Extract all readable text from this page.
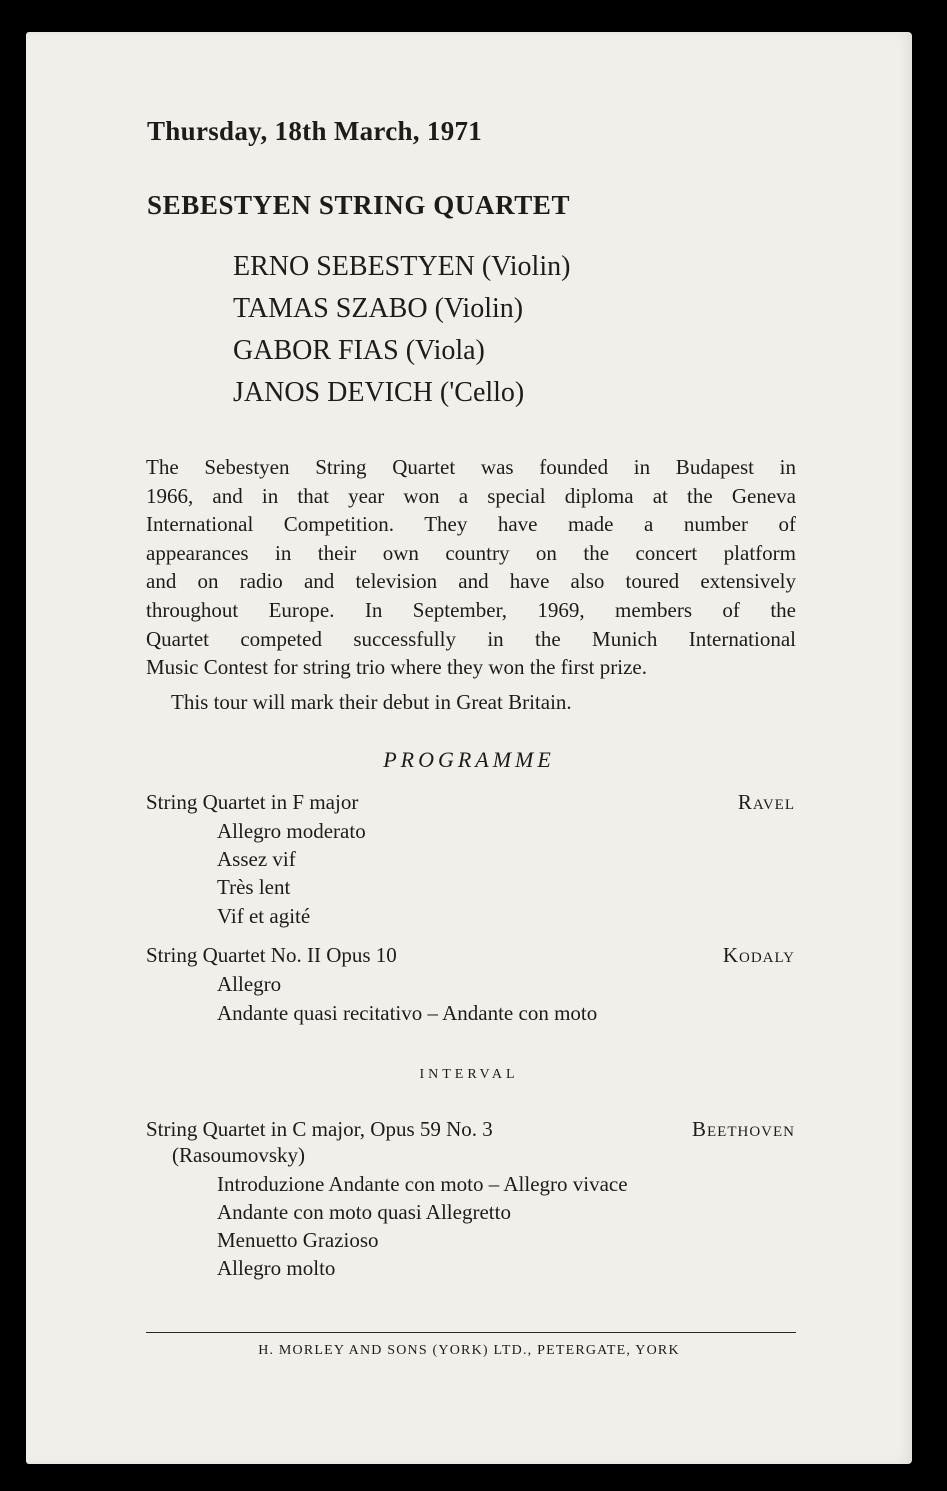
Thursday, 18th March, 1971
SEBESTYEN STRING QUARTET
ERNO SEBESTYEN (Violin)
TAMAS SZABO (Violin)
GABOR FIAS (Viola)
JANOS DEVICH ('Cello)

The Sebestyen String Quartet was founded in Budapest in
1966, and in that year won a special diploma at the Geneva
International Competition. They have made a number of
appearances in their own country on the concert platform
and on radio and television and have also toured extensively
throughout Europe. In September, 1969, members of the
Quartet competed successfully in the Munich International
Music Contest for string trio where they won the first prize.

This tour will mark their debut in Great Britain.
PROGRAMME
String Quartet in F major	Ravel
Allegro moderato
Assez vif
Très lent
Vif et agité
String Quartet No. II Opus 10	Kodaly
Allegro
Andante quasi recitativo – Andante con moto
INTERVAL
String Quartet in C major, Opus 59 No. 3	Beethoven
(Rasoumovsky)
Introduzione Andante con moto – Allegro vivace
Andante con moto quasi Allegretto
Menuetto Grazioso
Allegro molto
H. MORLEY AND SONS (YORK) LTD., PETERGATE, YORK
